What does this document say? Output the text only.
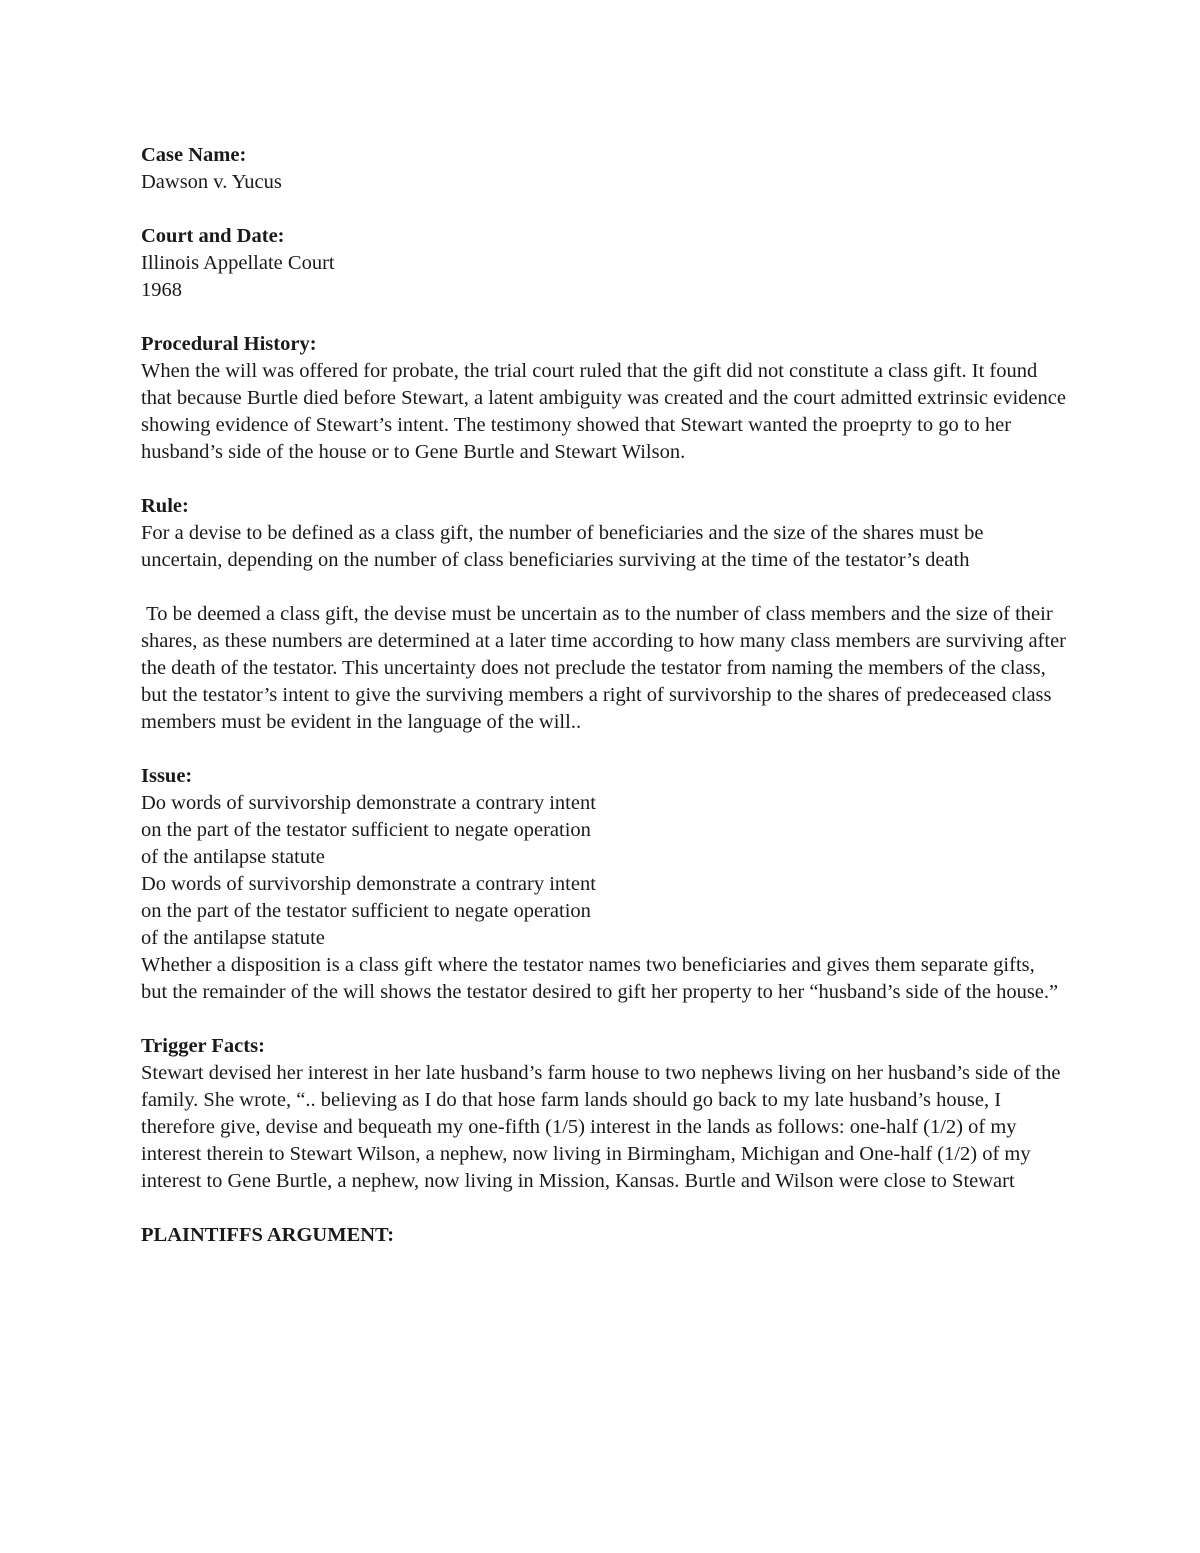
Case Name:
Dawson v. Yucus
Court and Date:
Illinois Appellate Court
1968
Procedural History:
When the will was offered for probate, the trial court ruled that the gift did not constitute a class gift. It found that because Burtle died before Stewart, a latent ambiguity was created and the court admitted extrinsic evidence showing evidence of Stewart’s intent. The testimony showed that Stewart wanted the proeprty to go to her husband’s side of the house or to Gene Burtle and Stewart Wilson.
Rule:
For a devise to be defined as a class gift, the number of beneficiaries and the size of the shares must be uncertain, depending on the number of class beneficiaries surviving at the time of the testator’s death
To be deemed a class gift, the devise must be uncertain as to the number of class members and the size of their shares, as these numbers are determined at a later time according to how many class members are surviving after the death of the testator. This uncertainty does not preclude the testator from naming the members of the class, but the testator’s intent to give the surviving members a right of survivorship to the shares of predeceased class members must be evident in the language of the will..
Issue:
Do words of survivorship demonstrate a contrary intent
on the part of the testator sufficient to negate operation
of the antilapse statute
Do words of survivorship demonstrate a contrary intent
on the part of the testator sufficient to negate operation
of the antilapse statute
Whether a disposition is a class gift where the testator names two beneficiaries and gives them separate gifts, but the remainder of the will shows the testator desired to gift her property to her “husband’s side of the house.”
Trigger Facts:
Stewart devised her interest in her late husband’s farm house to two nephews living on her husband’s side of the family. She wrote, “.. believing as I do that hose farm lands should go back to my late husband’s house, I therefore give, devise and bequeath my one-fifth (1/5) interest in the lands as follows: one-half (1/2) of my interest therein to Stewart Wilson, a nephew, now living in Birmingham, Michigan and One-half (1/2) of my interest to Gene Burtle, a nephew, now living in Mission, Kansas. Burtle and Wilson were close to Stewart
PLAINTIFFS ARGUMENT:
